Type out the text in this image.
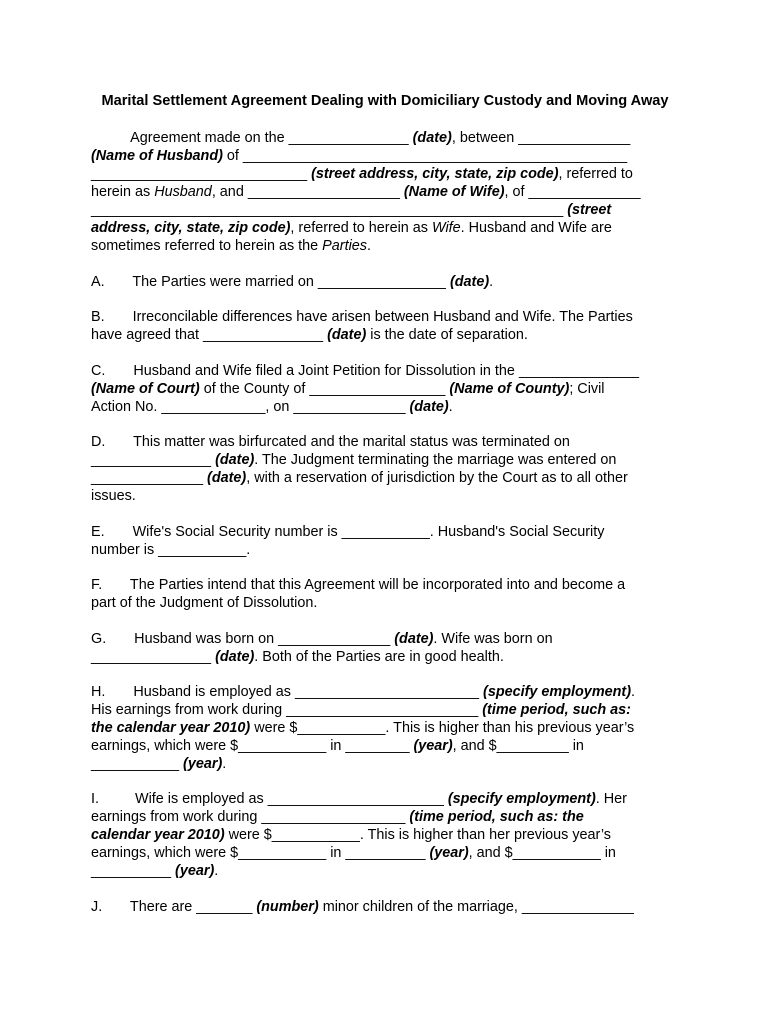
Marital Settlement Agreement Dealing with Domiciliary Custody and Moving Away
Agreement made on the _______________ (date), between ______________
(Name of Husband) of ________________________________________________
___________________________ (street address, city, state, zip code), referred to
herein as Husband, and ___________________ (Name of Wife), of ______________
___________________________________________________________ (street
address, city, state, zip code), referred to herein as Wife. Husband and Wife are
sometimes referred to herein as the Parties.
A.       The Parties were married on ________________ (date).
B.       Irreconcilable differences have arisen between Husband and Wife. The Parties
have agreed that _______________ (date) is the date of separation.
C.       Husband and Wife filed a Joint Petition for Dissolution in the _______________
(Name of Court) of the County of _________________ (Name of County); Civil
Action No. _____________, on ______________ (date).
D.       This matter was birfurcated and the marital status was terminated on
_______________ (date). The Judgment terminating the marriage was entered on
______________ (date), with a reservation of jurisdiction by the Court as to all other
issues.
E.       Wife's Social Security number is ___________. Husband's Social Security
number is ___________.
F.       The Parties intend that this Agreement will be incorporated into and become a
part of the Judgment of Dissolution.
G.       Husband was born on ______________ (date). Wife was born on
_______________ (date). Both of the Parties are in good health.
H.       Husband is employed as _______________________ (specify employment).
His earnings from work during ________________________ (time period, such as:
the calendar year 2010) were $___________. This is higher than his previous year’s
earnings, which were $___________ in ________ (year), and $_________ in
___________ (year).
I.         Wife is employed as ______________________ (specify employment). Her
earnings from work during __________________ (time period, such as: the
calendar year 2010) were $___________. This is higher than her previous year’s
earnings, which were $___________ in __________ (year), and $___________ in
__________ (year).
J.       There are _______ (number) minor children of the marriage, ______________
